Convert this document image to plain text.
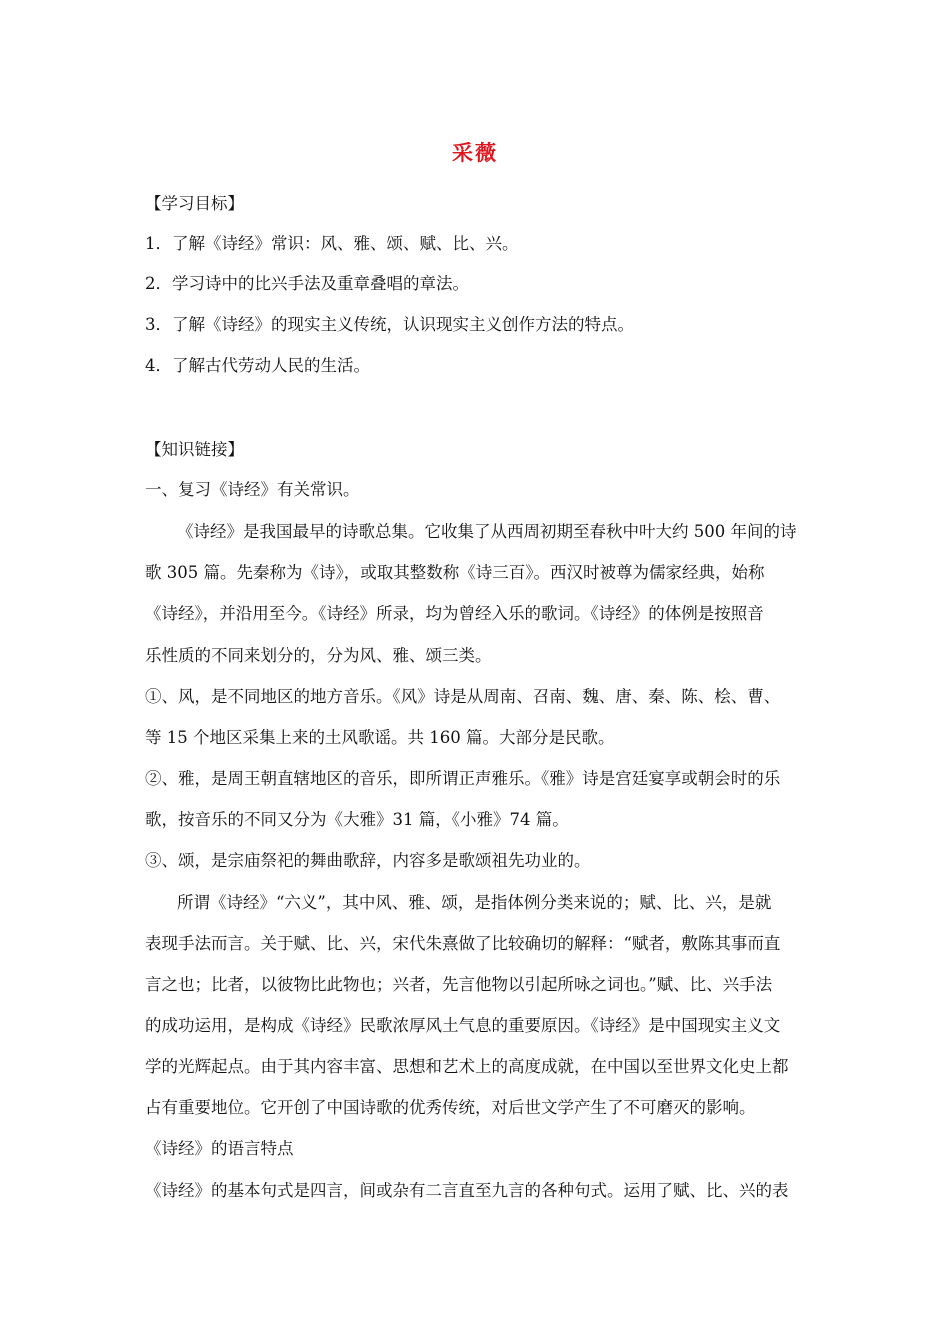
采薇
【学习目标】
1．了解《诗经》常识：风、雅、颂、赋、比、兴。
2．学习诗中的比兴手法及重章叠唱的章法。
3．了解《诗经》的现实主义传统，认识现实主义创作方法的特点。
4．了解古代劳动人民的生活。
【知识链接】
一、复习《诗经》有关常识。
《诗经》是我国最早的诗歌总集。它收集了从西周初期至春秋中叶大约 500 年间的诗
歌 305 篇。先秦称为《诗》，或取其整数称《诗三百》。西汉时被尊为儒家经典，始称
《诗经》，并沿用至今。《诗经》所录，均为曾经入乐的歌词。《诗经》的体例是按照音
乐性质的不同来划分的，分为风、雅、颂三类。
①、风，是不同地区的地方音乐。《风》诗是从周南、召南、魏、唐、秦、陈、桧、曹、
等 15 个地区采集上来的土风歌谣。共 160 篇。大部分是民歌。
②、雅，是周王朝直辖地区的音乐，即所谓正声雅乐。《雅》诗是宫廷宴享或朝会时的乐
歌，按音乐的不同又分为《大雅》31 篇，《小雅》74 篇。
③、颂，是宗庙祭祀的舞曲歌辞，内容多是歌颂祖先功业的。
所谓《诗经》“六义”，其中风、雅、颂，是指体例分类来说的；赋、比、兴，是就
表现手法而言。关于赋、比、兴，宋代朱熹做了比较确切的解释：“赋者，敷陈其事而直
言之也；比者，以彼物比此物也；兴者，先言他物以引起所咏之词也。”赋、比、兴手法
的成功运用，是构成《诗经》民歌浓厚风土气息的重要原因。《诗经》是中国现实主义文
学的光辉起点。由于其内容丰富、思想和艺术上的高度成就，在中国以至世界文化史上都
占有重要地位。它开创了中国诗歌的优秀传统，对后世文学产生了不可磨灭的影响。
《诗经》的语言特点
《诗经》的基本句式是四言，间或杂有二言直至九言的各种句式。运用了赋、比、兴的表
